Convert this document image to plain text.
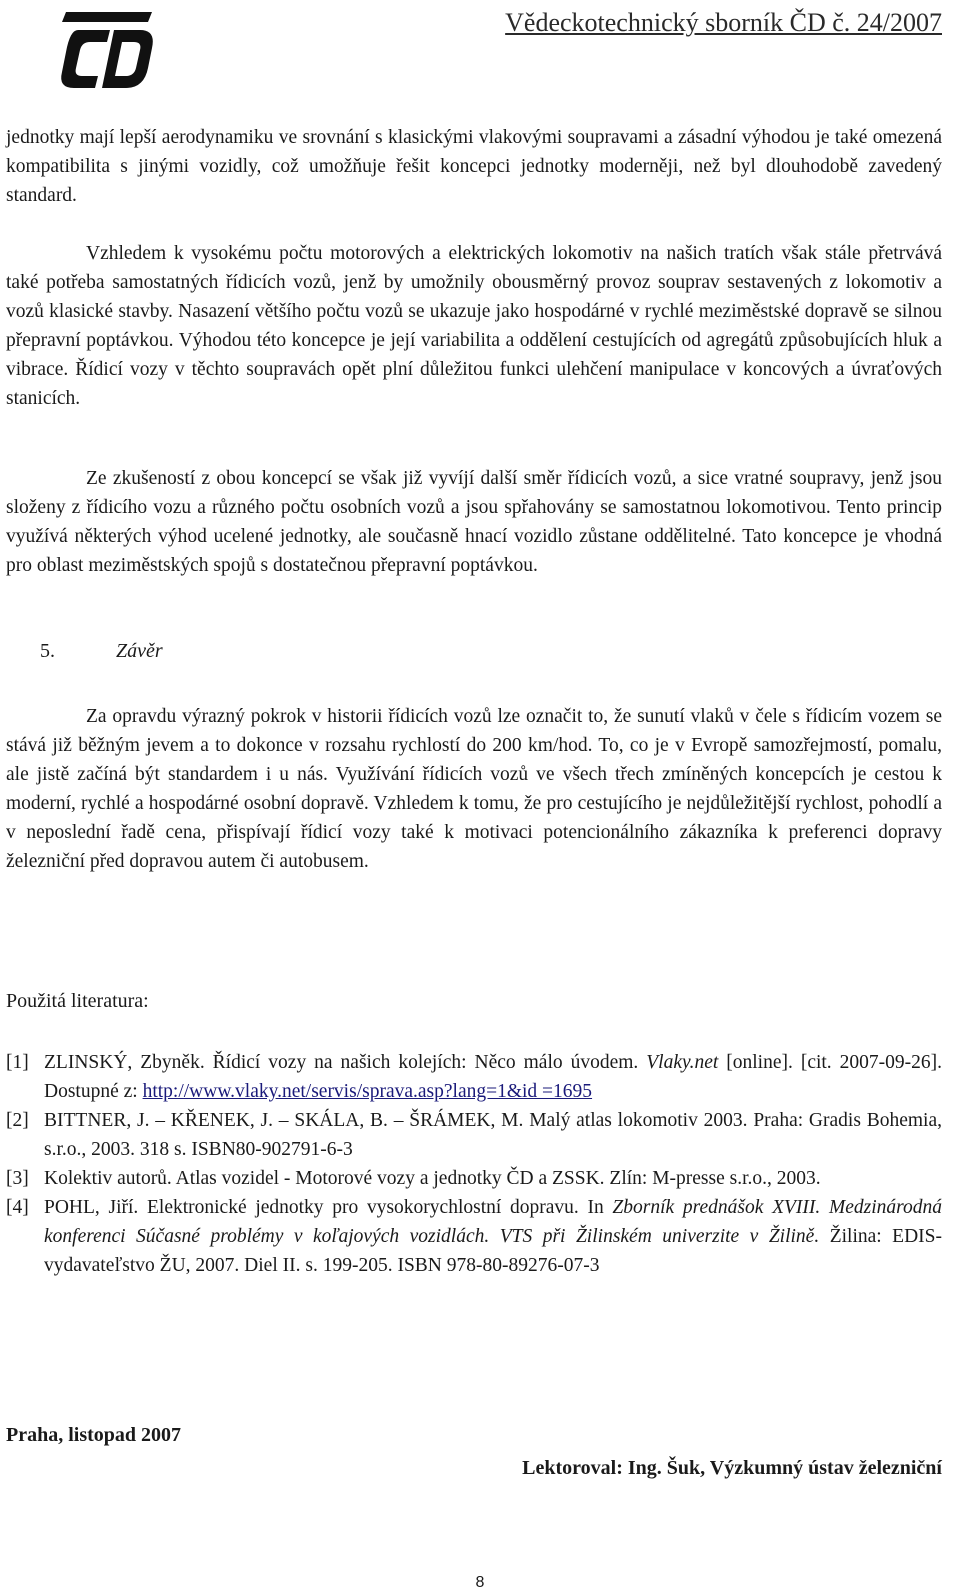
ČD
Vědeckotechnický sborník ČD č. 24/2007

jednotky mají lepší aerodynamiku ve srovnání s klasickými vlakovými soupravami a zásadní výhodou je také omezená kompatibilita s jinými vozidly, což umožňuje řešit koncepci jednotky moderněji, než byl dlouhodobě zavedený standard.

Vzhledem k vysokému počtu motorových a elektrických lokomotiv na našich tratích však stále přetrvává také potřeba samostatných řídicích vozů, jenž by umožnily obousměrný provoz souprav sestavených z lokomotiv a vozů klasické stavby. Nasazení většího počtu vozů se ukazuje jako hospodárné v rychlé meziměstské dopravě se silnou přepravní poptávkou. Výhodou této koncepce je její variabilita a oddělení cestujících od agregátů způsobujících hluk a vibrace. Řídicí vozy v těchto soupravách opět plní důležitou funkci ulehčení manipulace v koncových a úvraťových stanicích.

Ze zkušeností z obou koncepcí se však již vyvíjí další směr řídicích vozů, a sice vratné soupravy, jenž jsou složeny z řídicího vozu a různého počtu osobních vozů a jsou spřahovány se samostatnou lokomotivou. Tento princip využívá některých výhod ucelené jednotky, ale současně hnací vozidlo zůstane oddělitelné. Tato koncepce je vhodná pro oblast meziměstských spojů s dostatečnou přepravní poptávkou.

5.	Závěr

Za opravdu výrazný pokrok v historii řídicích vozů lze označit to, že sunutí vlaků v čele s řídicím vozem se stává již běžným jevem a to dokonce v rozsahu rychlostí do 200 km/hod. To, co je v Evropě samozřejmostí, pomalu, ale jistě začíná být standardem i u nás. Využívání řídicích vozů ve všech třech zmíněných koncepcích je cestou k moderní, rychlé a hospodárné osobní dopravě. Vzhledem k tomu, že pro cestujícího je nejdůležitější rychlost, pohodlí a v neposlední řadě cena, přispívají řídicí vozy také k motivaci potencionálního zákazníka k preferenci dopravy železniční před dopravou autem či autobusem.

Použitá literatura:
[1] ZLINSKÝ, Zbyněk. Řídicí vozy na našich kolejích: Něco málo úvodem. Vlaky.net [online]. [cit. 2007-09-26]. Dostupné z: http://www.vlaky.net/servis/sprava.asp?lang=1&id =1695
[2] BITTNER, J. – KŘENEK, J. – SKÁLA, B. – ŠRÁMEK, M. Malý atlas lokomotiv 2003. Praha: Gradis Bohemia, s.r.o., 2003. 318 s. ISBN80-902791-6-3
[3] Kolektiv autorů. Atlas vozidel - Motorové vozy a jednotky ČD a ZSSK. Zlín: M-presse s.r.o., 2003.
[4] POHL, Jiří. Elektronické jednotky pro vysokorychlostní dopravu. In Zborník prednášok XVIII. Medzinárodná konferenci Súčasné problémy v koľajových vozidlách. VTS při Žilinském univerzite v Žilině. Žilina: EDIS-vydavateľstvo ŽU, 2007. Diel II. s. 199-205. ISBN 978-80-89276-07-3
Praha, listopad 2007
Lektoroval: Ing. Šuk, Výzkumný ústav železniční
8
